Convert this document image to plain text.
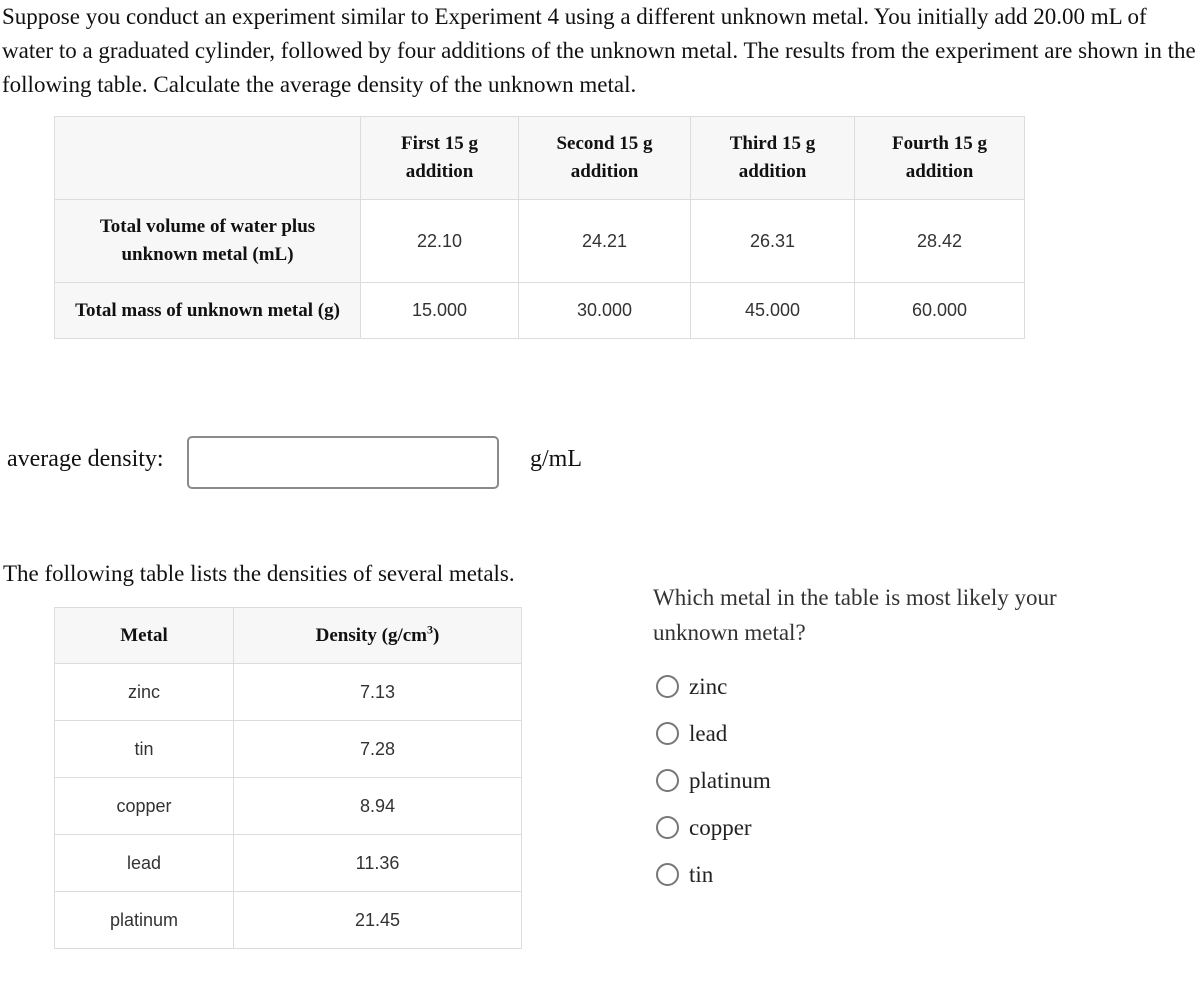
Suppose you conduct an experiment similar to Experiment 4 using a different unknown metal. You initially add 20.00 mL of water to a graduated cylinder, followed by four additions of the unknown metal. The results from the experiment are shown in the following table. Calculate the average density of the unknown metal.

	First 15 g
addition	Second 15 g
addition	Third 15 g
addition	Fourth 15 g
addition
Total volume of water plus
unknown metal (mL)	22.10	24.21	26.31	28.42
Total mass of unknown metal (g)	15.000	30.000	45.000	60.000
average density:	g/mL
The following table lists the densities of several metals.
Metal	Density $(g/cm^3)$
zinc	7.13
tin	7.28
copper	8.94
lead	11.36
platinum	21.45
Which metal in the table is most likely your unknown metal?
zinc
lead
platinum
copper
tin
